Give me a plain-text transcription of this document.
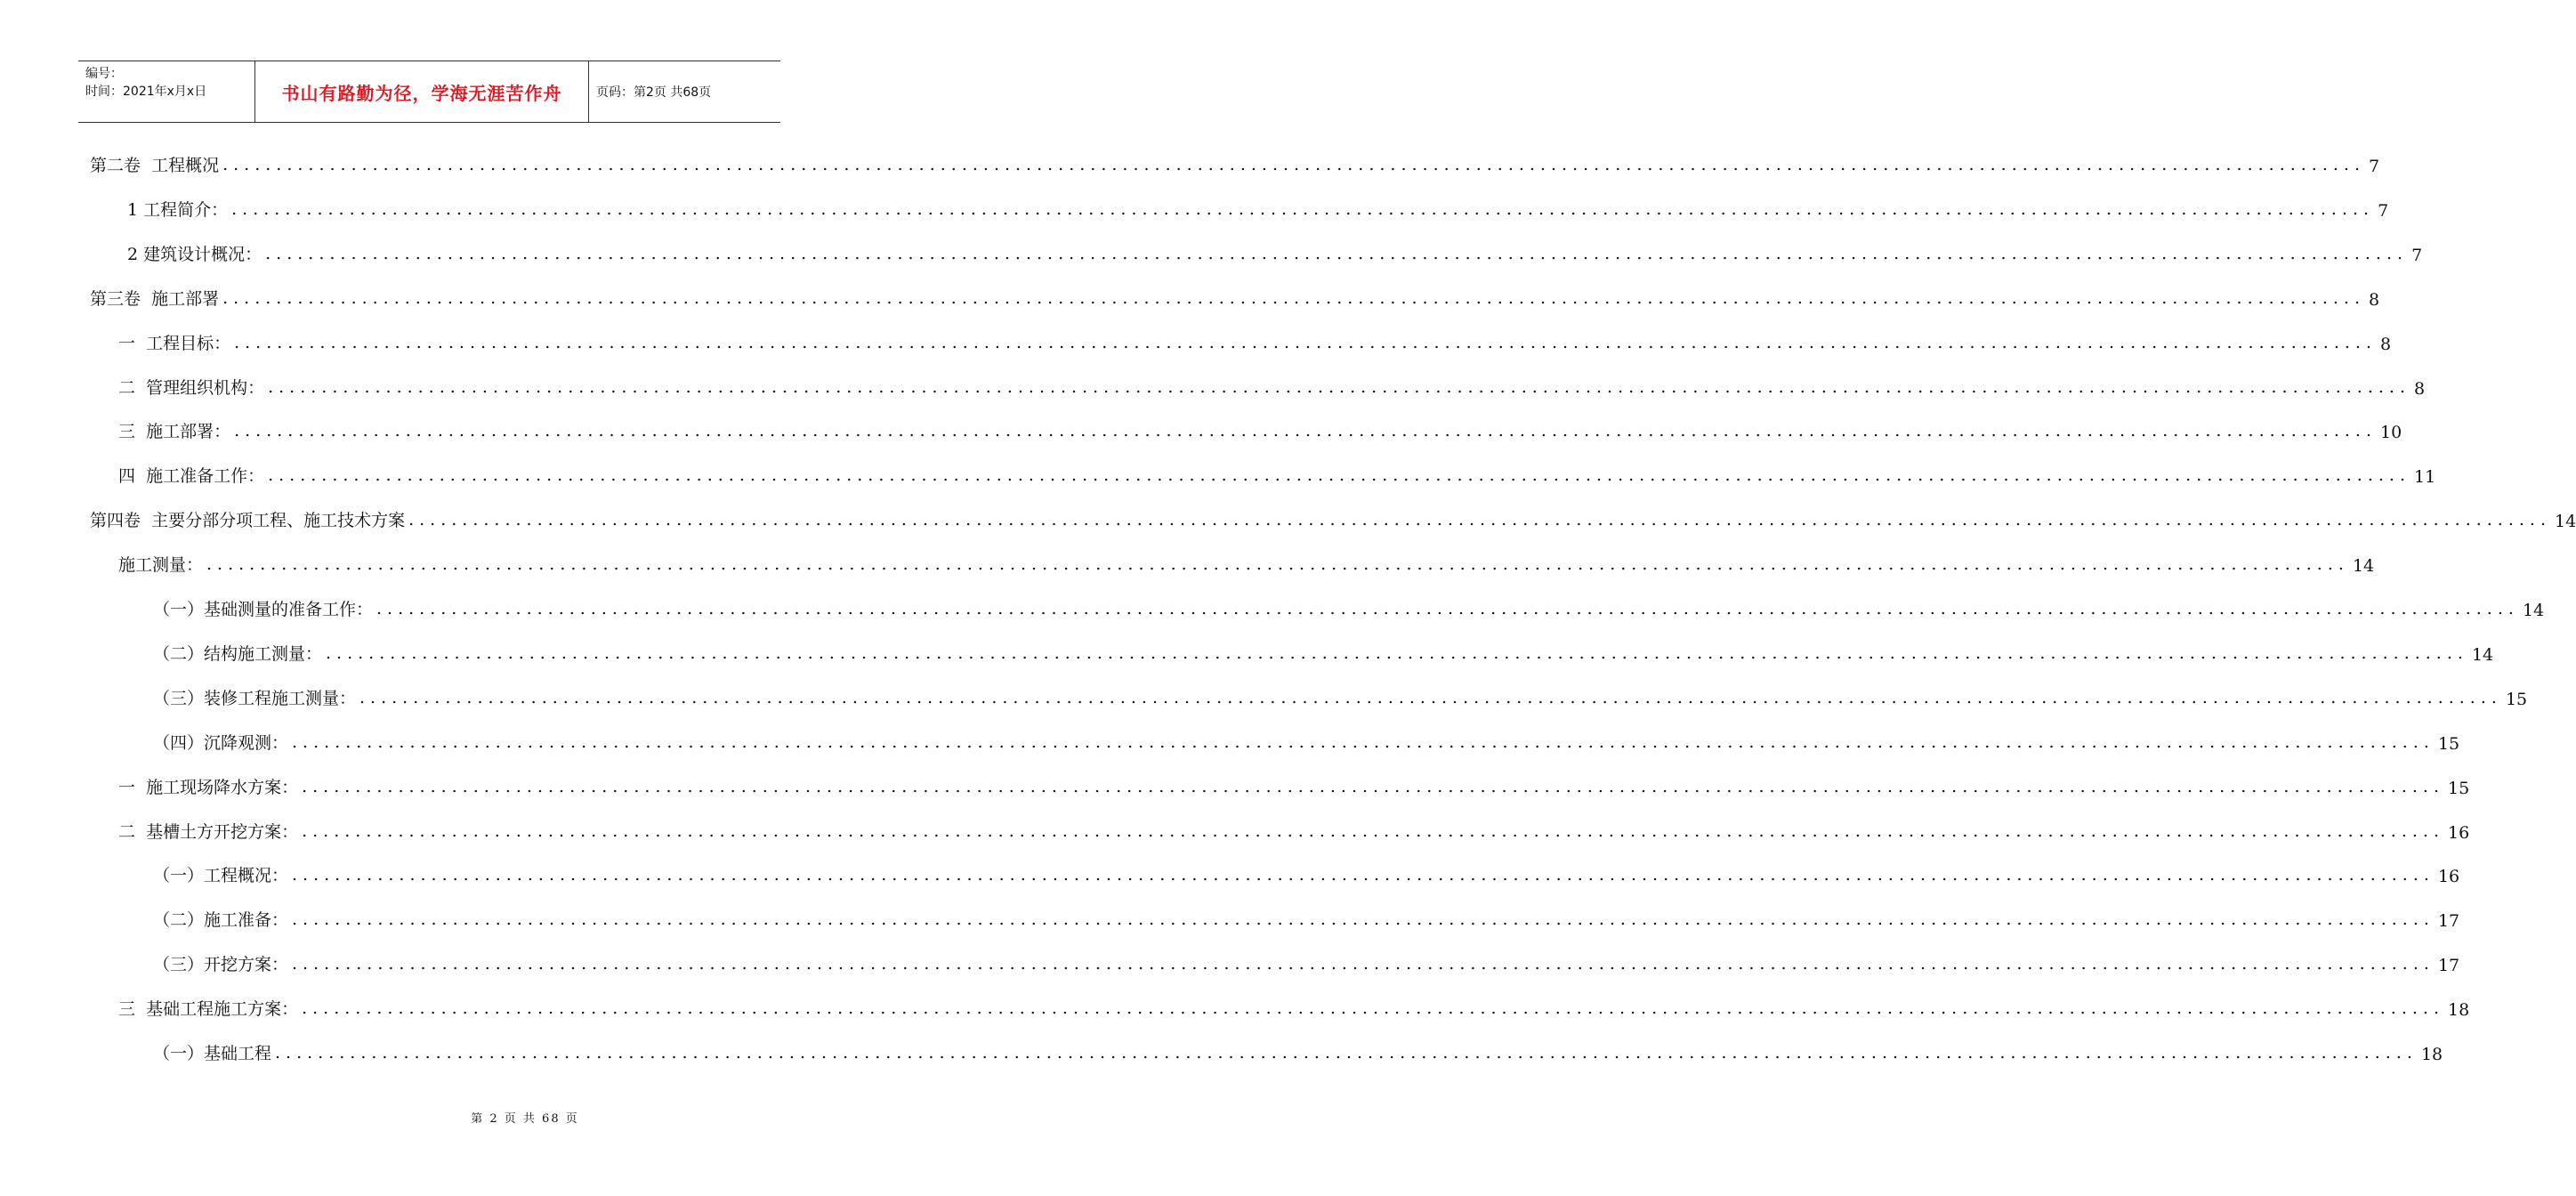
编号：
时间：2021年x月x日	书山有路勤为径，学海无涯苦作舟	页码：第2页 共68页
第二卷  工程概况 ........................................................................................................................................................................................................ 7
1 工程简介： ........................................................................................................................................................................................................ 7
2 建筑设计概况： ........................................................................................................................................................................................................ 7
第三卷  施工部署 ........................................................................................................................................................................................................ 8
一  工程目标： ........................................................................................................................................................................................................ 8
二  管理组织机构： ........................................................................................................................................................................................................ 8
三  施工部署： ........................................................................................................................................................................................................ 10
四  施工准备工作： ........................................................................................................................................................................................................ 11
第四卷  主要分部分项工程、施工技术方案 ........................................................................................................................................................................................................ 14
施工测量： ........................................................................................................................................................................................................ 14
（一）基础测量的准备工作： ........................................................................................................................................................................................................ 14
（二）结构施工测量： ........................................................................................................................................................................................................ 14
（三）装修工程施工测量： ........................................................................................................................................................................................................ 15
（四）沉降观测： ........................................................................................................................................................................................................ 15
一  施工现场降水方案： ........................................................................................................................................................................................................ 15
二  基槽土方开挖方案： ........................................................................................................................................................................................................ 16
（一）工程概况： ........................................................................................................................................................................................................ 16
（二）施工准备： ........................................................................................................................................................................................................ 17
（三）开挖方案： ........................................................................................................................................................................................................ 17
三  基础工程施工方案： ........................................................................................................................................................................................................ 18
（一）基础工程 ........................................................................................................................................................................................................ 18
第 2 页 共 68 页
